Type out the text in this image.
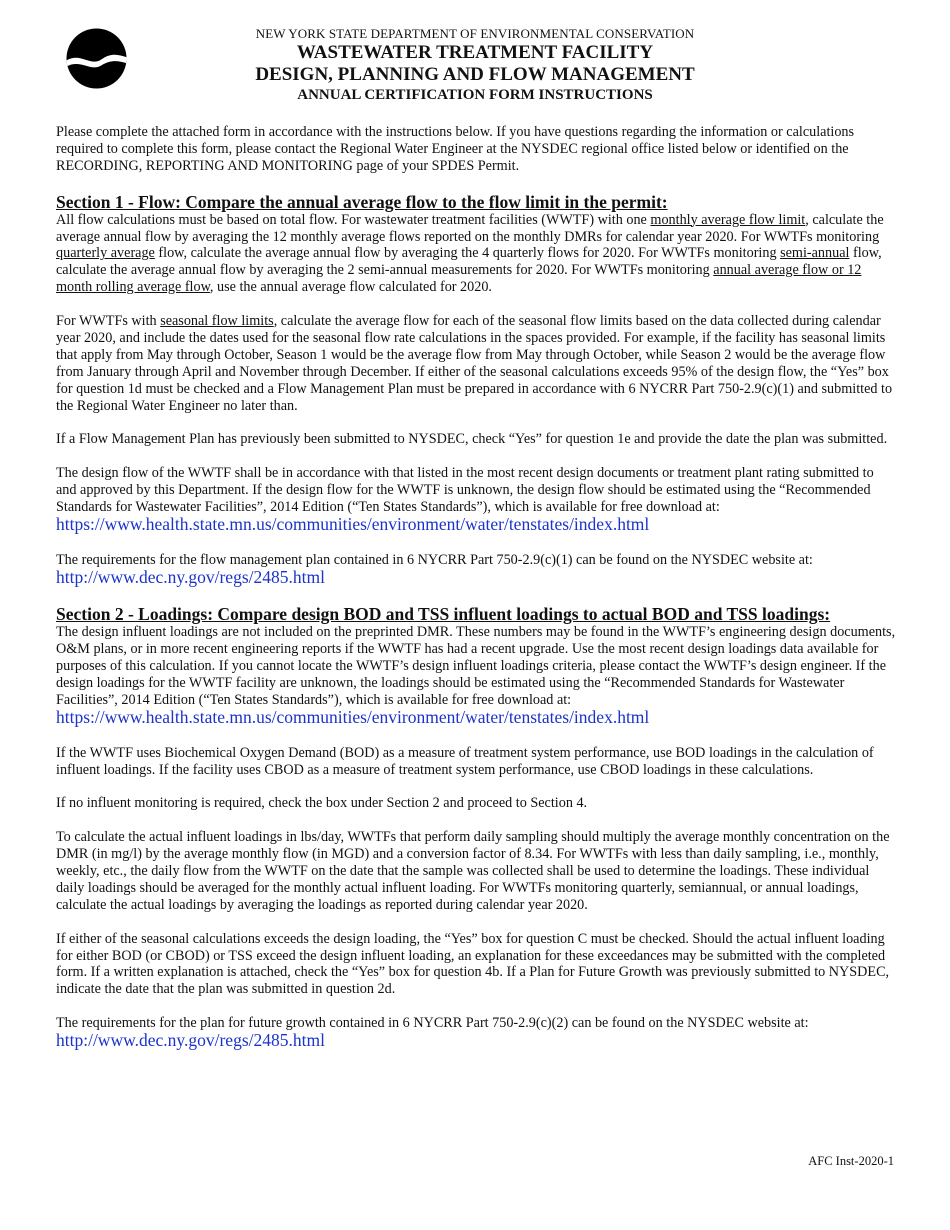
NEW YORK STATE DEPARTMENT OF ENVIRONMENTAL CONSERVATION
WASTEWATER TREATMENT FACILITY
DESIGN, PLANNING AND FLOW MANAGEMENT
ANNUAL CERTIFICATION FORM INSTRUCTIONS

Please complete the attached form in accordance with the instructions below. If you have questions regarding the information or calculations required to complete this form, please contact the Regional Water Engineer at the NYSDEC regional office listed below or identified on the RECORDING, REPORTING AND MONITORING page of your SPDES Permit.

Section 1 - Flow: Compare the annual average flow to the flow limit in the permit:

All flow calculations must be based on total flow. For wastewater treatment facilities (WWTF) with one monthly average flow limit, calculate the average annual flow by averaging the 12 monthly average flows reported on the monthly DMRs for calendar year 2020. For WWTFs monitoring quarterly average flow, calculate the average annual flow by averaging the 4 quarterly flows for 2020. For WWTFs monitoring semi-annual flow, calculate the average annual flow by averaging the 2 semi-annual measurements for 2020. For WWTFs monitoring annual average flow or 12 month rolling average flow, use the annual average flow calculated for 2020.

For WWTFs with seasonal flow limits, calculate the average flow for each of the seasonal flow limits based on the data collected during calendar year 2020, and include the dates used for the seasonal flow rate calculations in the spaces provided. For example, if the facility has seasonal limits that apply from May through October, Season 1 would be the average flow from May through October, while Season 2 would be the average flow from January through April and November through December. If either of the seasonal calculations exceeds 95% of the design flow, the “Yes” box for question 1d must be checked and a Flow Management Plan must be prepared in accordance with 6 NYCRR Part 750-2.9(c)(1) and submitted to the Regional Water Engineer no later than.

If a Flow Management Plan has previously been submitted to NYSDEC, check “Yes” for question 1e and provide the date the plan was submitted.

The design flow of the WWTF shall be in accordance with that listed in the most recent design documents or treatment plant rating submitted to and approved by this Department. If the design flow for the WWTF is unknown, the design flow should be estimated using the “Recommended Standards for Wastewater Facilities”, 2014 Edition (“Ten States Standards”), which is available for free download at: https://www.health.state.mn.us/communities/environment/water/tenstates/index.html

The requirements for the flow management plan contained in 6 NYCRR Part 750-2.9(c)(1) can be found on the NYSDEC website at:
http://www.dec.ny.gov/regs/2485.html

Section 2 - Loadings: Compare design BOD and TSS influent loadings to actual BOD and TSS loadings:

The design influent loadings are not included on the preprinted DMR. These numbers may be found in the WWTF’s engineering design documents, O&M plans, or in more recent engineering reports if the WWTF has had a recent upgrade. Use the most recent design loadings data available for purposes of this calculation. If you cannot locate the WWTF’s design influent loadings criteria, please contact the WWTF’s design engineer. If the design loadings for the WWTF facility are unknown, the loadings should be estimated using the “Recommended Standards for Wastewater Facilities”, 2014 Edition (“Ten States Standards”), which is available for free download at: https://www.health.state.mn.us/communities/environment/water/tenstates/index.html

If the WWTF uses Biochemical Oxygen Demand (BOD) as a measure of treatment system performance, use BOD loadings in the calculation of influent loadings. If the facility uses CBOD as a measure of treatment system performance, use CBOD loadings in these calculations.

If no influent monitoring is required, check the box under Section 2 and proceed to Section 4.

To calculate the actual influent loadings in lbs/day, WWTFs that perform daily sampling should multiply the average monthly concentration on the DMR (in mg/l) by the average monthly flow (in MGD) and a conversion factor of 8.34. For WWTFs with less than daily sampling, i.e., monthly, weekly, etc., the daily flow from the WWTF on the date that the sample was collected shall be used to determine the loadings. These individual daily loadings should be averaged for the monthly actual influent loading. For WWTFs monitoring quarterly, semiannual, or annual loadings, calculate the actual loadings by averaging the loadings as reported during calendar year 2020.

If either of the seasonal calculations exceeds the design loading, the “Yes” box for question C must be checked. Should the actual influent loading for either BOD (or CBOD) or TSS exceed the design influent loading, an explanation for these exceedances may be submitted with the completed form. If a written explanation is attached, check the “Yes” box for question 4b. If a Plan for Future Growth was previously submitted to NYSDEC, indicate the date that the plan was submitted in question 2d.

The requirements for the plan for future growth contained in 6 NYCRR Part 750-2.9(c)(2) can be found on the NYSDEC website at:
http://www.dec.ny.gov/regs/2485.html

AFC Inst-2020-1
